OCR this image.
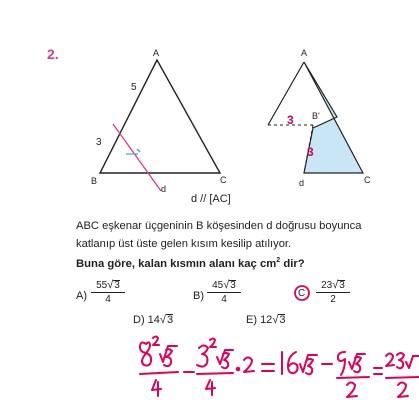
2.	A
B	C
d
5
3
3
3
A
B'
C
d
d // [AC]
ABC eşkenar üçgeninin B köşesinden d doğrusu boyunca
katlanıp üst üste gelen kısım kesilip atılıyor.
Buna göre, kalan kısmın alanı kaç $cm^2$ dir?
$A) \frac{55√3}{4}$	$B) \frac{45√3}{4}$	C $\frac{23√3}{2}$
D) 14√3	E) 12√3
8²√3/4 − 3²·√3/4 · 2 = 16√3 − 9√3/2 = 23√3/2
